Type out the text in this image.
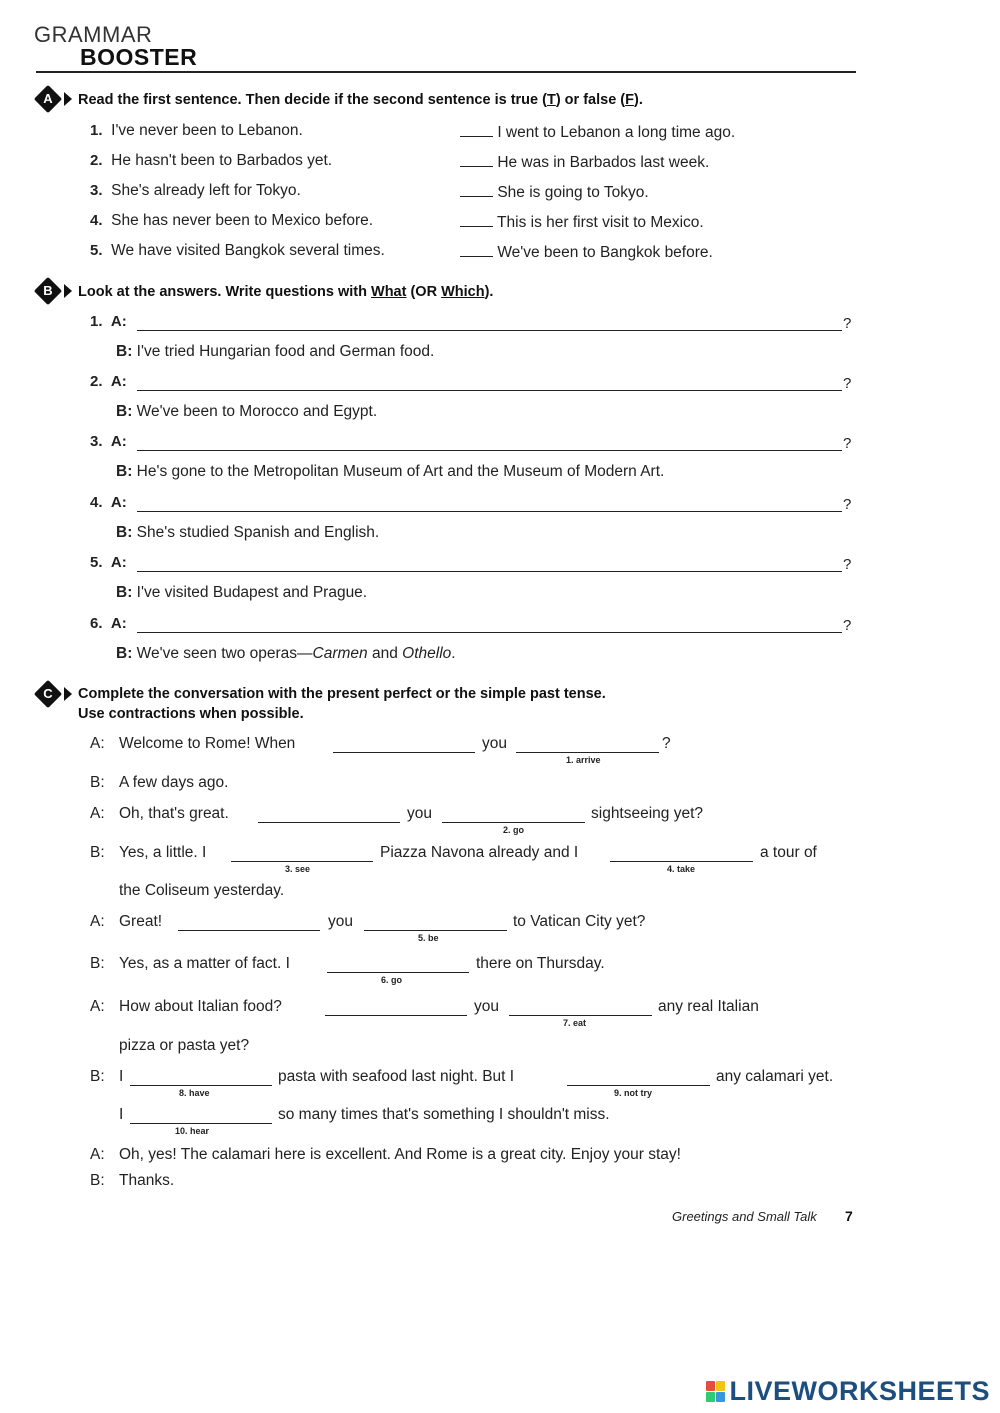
GRAMMAR
BOOSTER
A	Read the first sentence. Then decide if the second sentence is true (T) or false (F).
1. I've never been to Lebanon.	I went to Lebanon a long time ago.
2. He hasn't been to Barbados yet.	He was in Barbados last week.
3. She's already left for Tokyo.	She is going to Tokyo.
4. She has never been to Mexico before.	This is her first visit to Mexico.
5. We have visited Bangkok several times.	We've been to Bangkok before.
B	Look at the answers. Write questions with What (OR Which).
1. A:	?
B: I've tried Hungarian food and German food.
2. A:	?
B: We've been to Morocco and Egypt.
3. A:	?
B: He's gone to the Metropolitan Museum of Art and the Museum of Modern Art.
4. A:	?
B: She's studied Spanish and English.
5. A:	?
B: I've visited Budapest and Prague.
6. A:	?
B: We've seen two operas—Carmen and Othello.
C	Complete the conversation with the present perfect or the simple past tense.
Use contractions when possible.
A: Welcome to Rome! When	you
1. arrive
?
B: A few days ago.
A: Oh, that's great.	you
2. go
sightseeing yet?
B: Yes, a little. I
3. see
Piazza Navona already and I
4. take
a tour of
the Coliseum yesterday.
A: Great!	you
5. be
to Vatican City yet?
B: Yes, as a matter of fact. I
6. go
there on Thursday.
A: How about Italian food?	you
7. eat
any real Italian
pizza or pasta yet?
B: I
8. have
pasta with seafood last night. But I
9. not try
any calamari yet.
I
10. hear
so many times that's something I shouldn't miss.
A: Oh, yes! The calamari here is excellent. And Rome is a great city. Enjoy your stay!
B: Thanks.
Greetings and Small Talk 7
LIVEWORKSHEETS
